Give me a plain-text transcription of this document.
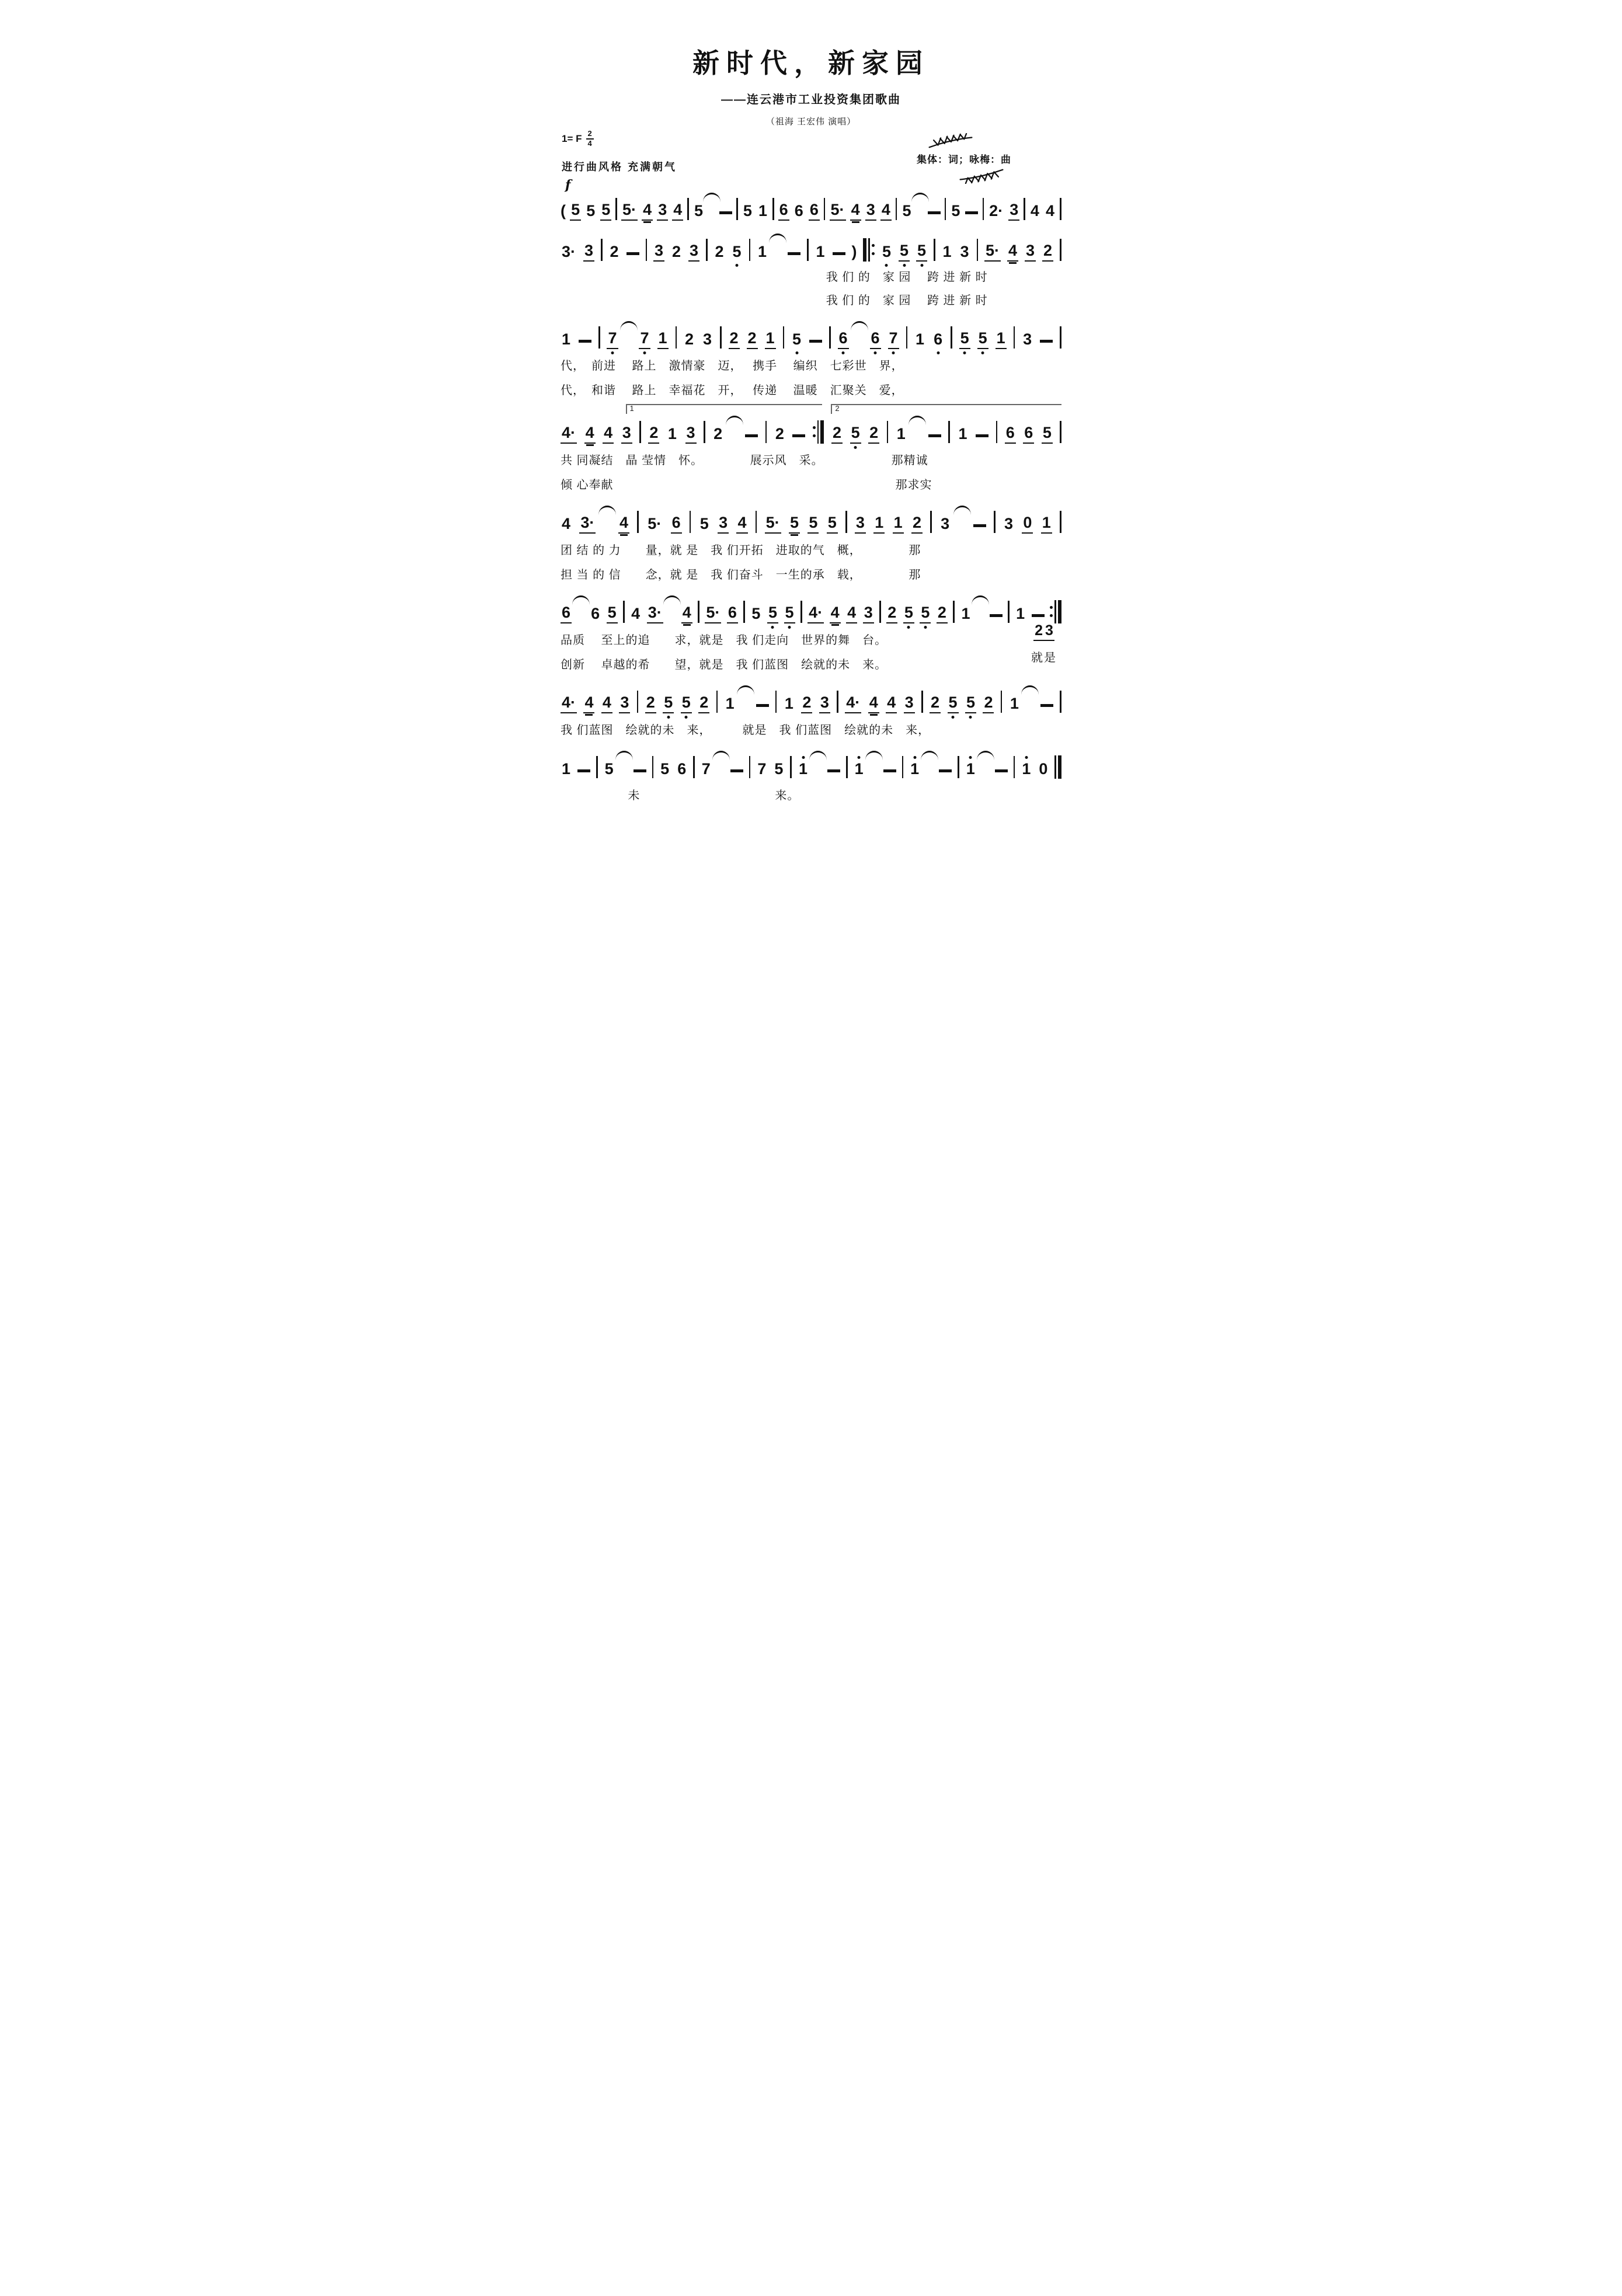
新时代，新家园
——连云港市工业投资集团歌曲
（祖海 王宏伟 演唱）
1= F $\frac{2}{4}$
进行曲风格 充满朝气
f
集体：词；咏梅：曲
( 5 5 5 5· 4 3 4 5	5 1 6 6 6 5· 4 3 4 5	5 2· 3 4 4
3· 3 2 3 2 3 2 5 1	1 ) 5 5 5 1 3 5· 4 3 2
我 们 的　家 园　 跨 进 新 时
我 们 的　家 园　 跨 进 新 时
1 7 7 1 2 3 2 2 1 5 6 6 7 1 6 5 5 1 3
代，　前进　 路上　激情豪　迈，　 携手　 编织　七彩世　界，
代，　和谐　 路上　幸福花　开，　 传递　 温暖　汇聚关　爱，
1	2
4· 4 4 3 2 1 3 2	2	2 5 2 1	1 6 6 5
共 同凝结　晶 莹情　怀。　　　　 展示风　采。　　　　　　那精诚
倾 心奉献　　　　　　　　　　　　　　　　　　　　　　　那求实
4 3· 4 5· 6 5 3 4 5· 5 5 5 3 1 1 2 3	3 0 1
团 结 的 力　　量，就 是　我 们开拓　进取的气　概，　　　　 那
担 当 的 信　　念，就 是　我 们奋斗　一生的承　载，　　　　 那
6 6 5 4 3· 4 5· 6 5 5 5 4· 4 4 3 2 5 5 2 1	1
2 3
就是
品质　 至上的追　　求，就是　我 们走向　世界的舞　台。
创新　 卓越的希　　望，就是　我 们蓝图　绘就的未　来。
4· 4 4 3 2 5 5 2 1	1 2 3 4· 4 4 3 2 5 5 2 1
我 们蓝图　绘就的未　来，　　　就是　我 们蓝图　绘就的未　来，
1 5	5 6 7	7 5 1	1	1	1	1 0
　未　　　　　　　　　　　来。
